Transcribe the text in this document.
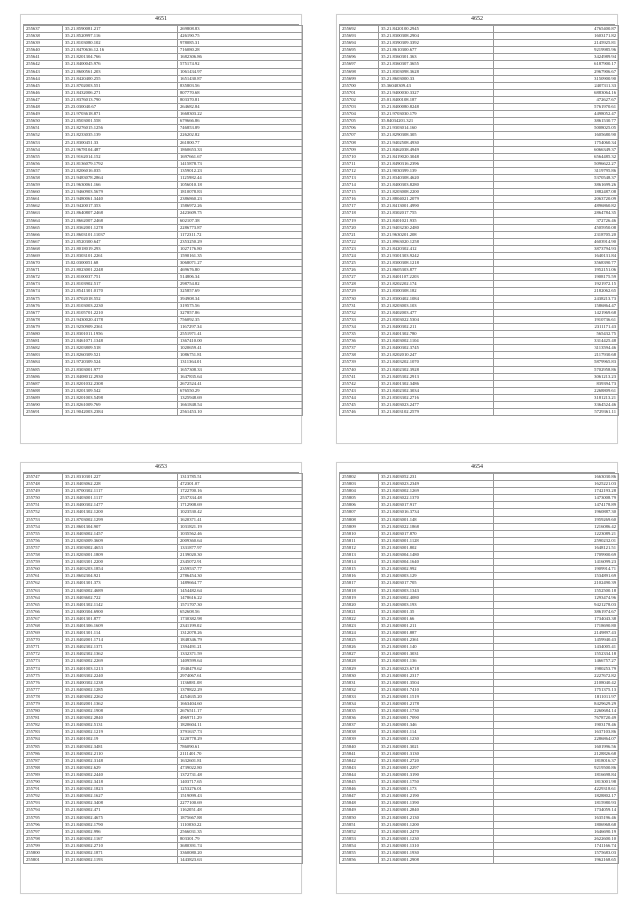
4651
255637	35.21.8590081.217	269808.83
255638	35.21.8520997.116	426190.75
255639	35.21.8103080.102	978085.31
255640	35.21.8470636.12.16	716080.28
255641	35.21.8201304.766	1682306.86
255642	35.21.8400045.976	575174.92
255643	35.21.8600561.203	1061434.97
255644	35.21.8420400.255	1651430.87
255645	35.21.8702003.551	835803.56
255646	35.21.8432006.271	807770.68
255647	35.21.8376013.790	803370.81
255648	25.23.030040.67	264682.84
255649	35.21.9703618.871	1668303.22
255650	35.21.8503001.558	679666.86
255651	35.21.8276015.1256	746853.89
255652	35.21.8233035.139	226202.82
255653	25.21.8300451.33	261800.77
255654	35.21.9678104.487	1860653.33
255655	35.21.9162014.152	1697661.67
255656	35.21.8136079.1792	1415878.73
255657	35.21.8206016.035	1359012.23
255658	35.21.9483078.2864	1125982.44
255659	15.21.9630061.166	1056010.18
255660	35.21.9460903.5679	1810078.83
255661	35.21.9480061.3440	2386860.23
255662	35.21.9420017.353	1586972.26
255663	35.21.8640807.2468	2423609.75
255664	35.21.8662007.2468	602107.38
255665	35.21.8362001.1278	2286773.87
255666	35.21.8603101.11037	1172311.72
255667	35.21.8520300.647	2353250.29
255668	35.21.8018019.293	1027176.80
255669	35.21.8303101.2261	1590161.35
255670	15.02.0300051.68	3068071.27
255671	35.21.8023001.2248	469676.80
255672	35.21.8100037.751	514806.34
255673	35.21.8103902.517	298754.82
255674	35.21.8541301.0170	325857.69
255675	35.21.8702018.552	394908.34
255676	35.21.8103003.2230	319575.56
255677	35.21.8105701.2210	327857.86
255678	35.21.9430020.4178	756092.35
255679	35.21.9250909.2361	1167297.34
255680	35.21.8301011.1956	2551971.41
255681	35.21.8461071.1348	1367410.00
255682	35.21.8203809.518	1020659.41
255683	35.21.8260309.521	1086751.81
255684	35.21.9720309.524	1311364.01
255685	35.21.8303001.977	1657308.33
255686	35.21.8408012.2930	1647835.64
255687	35.21.8201032.2308	2672524.41
255688	35.21.8201309.542	676550.29
255689	35.21.8201003.5498	1325948.69
255690	35.21.8261009.769	1661848.54
255691	35.21.9042003.2384	2561453.10
4652
255692	35.21.8420100.2945	4765400.87
255693	35.21.8300308.2904	1603171.82
255694	35.21.8390309.3392	2145925.81
255695	35.21.8610300.677	9219985.96
255696	35.21.8360301.363	3424989.94
255697	35.21.8360307.3655	6187900.17
255698	35.21.8303098.3628	2967906.67
255699	35.21.8603000.33	3150900.90
255700	35.36040309.43	2407311.33
255701	35.21.9400030.3327	6883064.16
255702	25.01.8400108.187	472627.67
255703	35.21.8400080.8248	5761970.61
255704	35.21.9703030.179	4498052.47
255705	35.84034201.321	3861530.77
255706	35.21.9303014.160	5008025.05
255707	35.21.8290308.305	1605680.90
255708	35.21.9402508.4930	1754060.34
255709	35.21.8462038.4949	6066349.37
255710	35.21.8419020.3048	6564485.32
255711	35.21.8490316.2396	5096622.27
255712	35.21.9030399.139	3119795.86
255713	35.21.8340308.4620	5370548.37
255714	35.21.8400303.8280	3861699.26
255715	35.21.8203008.2200	1882487.08
255716	35.21.8804021.2079	2063720.09
255717	35.21.8413001.4990	4896860.82
255718	35.21.8302017.755	2864784.35
255719	35.21.8401021.935	372726.46
255720	35.21.9403230.2480	4505950.08
255721	35.21.9630201.208	2318705.20
255722	35.21.8963020.1258	4603914.90
255723	35.21.8420302.412	3873794.93
255724	35.21.9301303.9242	1640131.84
255725	35.21.8300308.1218	3568390.77
255726	35.21.8605303.877	1952151.06
255727	35.21.8401107.2203	1908175.59
255728	35.21.8202202.174	1921972.15
255729	35.21.8300308.182	2182062.65
255730	35.21.8300402.1084	2438213.73
255731	35.21.8203003.103	1586864.47
255732	35.21.8402003.477	1421969.68
255733	25.21.8303022.5304	1910736.61
255734	35.21.8400302.211	2311171.43
255735	35.21.8401302.780	565432.75
255736	35.21.8403002.1104	3314425.48
255737	35.21.8400302.3745	3113594.46
255738	35.21.8202010.247	2117930.68
255739	35.21.8403202.1070	5879965.83
255740	35.21.8402302.3928	5702958.86
255741	35.21.8405302.2913	3061213.23
255742	35.21.8401302.3486	839394.73
255743	35.21.8402302.3034	2268809.61
255744	35.21.8303302.2716	3181213.21
255745	35.21.8403023.2477	3364524.46
255746	35.21.8403102.2579	5729361.11
4653
255747	35.21.8310301.227	1313785.51
255748	35.21.8403062.228	472301.07
255749	35.21.8700302.1117	1722700.16
255750	35.21.8403001.1117	2537334.48
255751	35.21.8400302.1477	1712908.69
255752	35.21.8401302.1200	1023530.42
255753	35.21.8703002.1299	1620371.41
255754	35.21.8601304.907	1031821.19
255755	35.21.8403002.1457	1035562.46
255756	35.21.8203009.3609	2009360.64
255757	35.21.8303002.4653	1331877.97
255758	35.21.8203001.1809	2139020.30
255759	35.21.8403301.2200	2345072.91
255760	35.21.8403203.1854	2359537.77
255761	35.21.8602304.921	2786454.30
255762	35.21.8401301.373	1489664.77
255763	35.21.8403002.4689	1454482.64
255764	35.21.8403602.722	1478616.22
255765	35.21.8401302.1142	1571707.30
255766	35.21.8400304.6900	652608.56
255767	35.21.8401301.877	1730382.98
255768	35.21.8401306.1609	2341199.02
255769	35.21.8401301.114	1312078.26
255770	35.21.8402001.1714	1848346.79
255771	35.21.8402302.1371	1394491.21
255772	35.21.8402302.1362	1332371.59
255773	35.21.8403002.2269	1409599.64
255774	35.21.8401003.1213	1940479.62
255775	35.21.8403302.2240	2974067.61
255776	35.21.8400302.1238	1136881.08
255777	35.21.8403002.1285	1378822.29
255778	35.21.8403002.2262	4254635.20
255779	35.21.8402001.1362	1663404.60
255780	35.21.8403002.1908	2676511.17
255781	35.21.8403002.2840	4969711.29
255782	35.21.8403002.5131	1820604.11
255783	35.21.8403002.1219	3791637.73
255784	35.21.8401002.19	3220778.29
255785	35.21.8403002.3481	786090.61
255786	35.21.8403002.2110	2111401.70
255787	35.21.8403002.3148	1632601.81
255788	35.21.8403002.629	4739022.80
255789	35.21.8403002.2440	1372731.48
255790	35.21.8403002.3418	1403717.65
255791	35.21.8403002.1823	1253276.01
255792	35.21.8403002.1627	1519099.43
255793	35.21.8403002.3408	2277100.69
255794	35.21.8403002.471	1162051.48
255795	35.21.8403002.4675	1875667.88
255796	35.21.8403002.1790	1110030.22
255797	35.21.8403002.996	2566031.35
255798	35.21.8403002.1167	803301.79
255799	35.21.8403002.2710	3680391.74
255800	35.21.8403002.1871	3360080.20
255801	35.21.8403002.1193	1443823.63
4654
255802	35.21.8403052.231	1663030.86
255803	35.21.8403023.2349	1625221.03
255804	35.21.8403002.1269	1742193.28
255805	35.21.8403022.1370	1473008.79
255806	35.21.8403017.917	1474178.89
255807	35.21.8403016.3734	1960887.30
255808	35.21.8403001.148	1959269.60
255809	35.21.8403022.1868	1216086.42
255810	35.21.8403017.870	1223089.21
255811	35.21.8403001.1128	2590232.01
255812	35.21.8403001.802	1648121.51
255813	35.21.8403004.1480	1709900.69
255814	35.21.8403004.1640	1416099.23
255815	35.21.8403002.992	1909914.71
255816	35.21.8403003.129	1534891.69
255817	35.21.8403017.705	2102490.39
255818	35.21.8403003.1343	1552500.18
255819	35.21.8403002.4080	1293474.96
255820	35.21.8403003.193	9421278.03
255821	35.21.8403001.35	3861974.67
255822	35.21.8403001.66	1734043.38
255823	35.21.8403001.211	1718690.80
255824	35.21.8403001.887	2149897.43
255825	35.21.8403001.2361	1459940.43
255826	35.21.8403001.140	1434005.41
255827	35.21.8403001.3031	1552334.18
255828	35.21.8403001.136	1466757.27
255829	35.21.8403023.6718	1980253.79
255830	35.21.8403001.2317	2227672.82
255831	35.21.8403001.3504	2108040.42
255832	35.21.8403001.7410	1751375.13
255833	35.21.8403001.1519	1811011.97
255834	35.21.8403001.2178	8429629.29
255835	35.21.8403001.1730	2260684.14
255836	35.21.8403001.7090	7678720.49
255837	35.21.8403001.346	1903178.46
255838	35.21.8403001.114	1637103.86
255839	35.21.8403001.1230	2286864.07
255840	35.21.8403001.3021	1601996.56
255841	35.21.8403001.3130	2128826.68
255842	35.21.8403001.2720	1818016.37
255843	35.21.8403001.2297	9219500.86
255844	35.21.8403001.3190	1816698.84
255845	35.21.8403001.1750	1813001.98
255846	35.21.8403001.173	4229318.61
255847	35.21.8403001.2190	1828802.17
255848	35.21.8403001.1390	1815980.93
255849	35.21.8403001.2840	1734059.14
255850	35.21.8403001.2130	1635196.46
255851	35.21.8403001.1200	1806968.68
255852	35.21.8403001.2470	1646690.19
255853	35.21.8403001.1230	2622600.10
255854	35.21.8403001.1310	1741166.74
255855	35.21.8403001.1930	1575683.03
255856	35.21.8403001.2908	1962168.65
